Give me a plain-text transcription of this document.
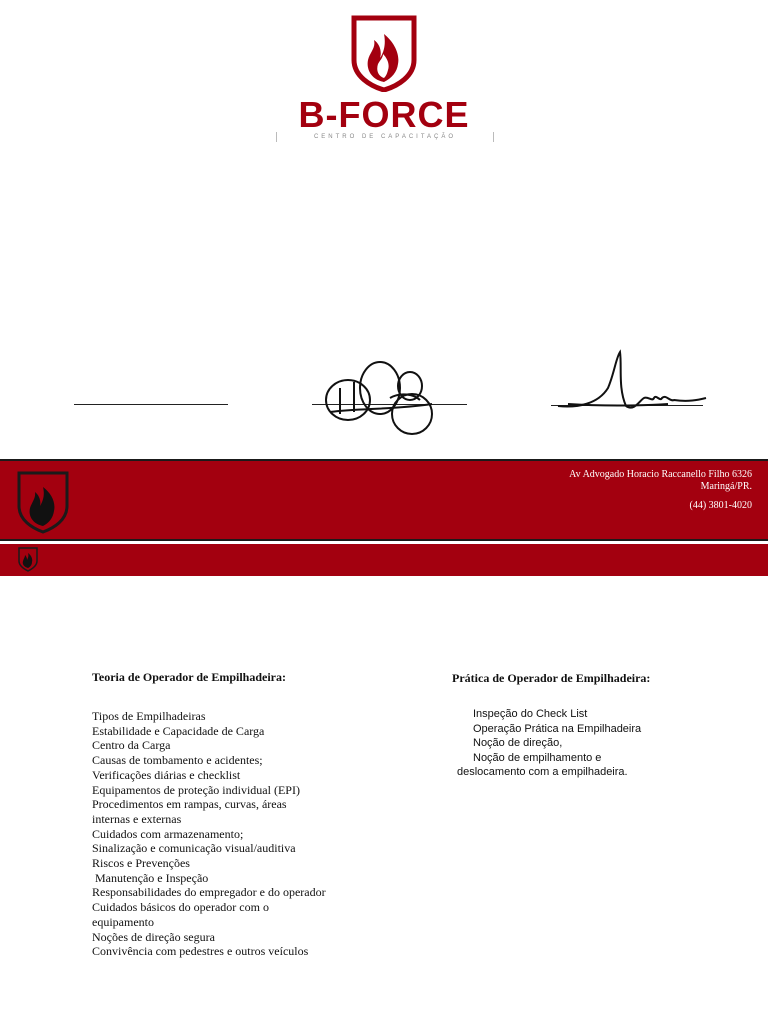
B-FORCE
CENTRO DE CAPACITAÇÃO
Av Advogado Horacio Raccanello Filho 6326
Maringá/PR.
(44) 3801-4020
Teoria de Operador de Empilhadeira:
Tipos de Empilhadeiras
Estabilidade e Capacidade de Carga
Centro da Carga
Causas de tombamento e acidentes;
Verificações diárias e checklist
Equipamentos de proteção individual (EPI)
Procedimentos em rampas, curvas, áreas
internas e externas
Cuidados com armazenamento;
Sinalização e comunicação visual/auditiva
Riscos e Prevenções
Manutenção e Inspeção
Responsabilidades do empregador e do operador
Cuidados básicos do operador com o
equipamento
Noções de direção segura
Convivência com pedestres e outros veículos
Prática de Operador de Empilhadeira:
Inspeção do Check List
Operação Prática na Empilhadeira
Noção de direção,
Noção de empilhamento e
deslocamento com a empilhadeira.
